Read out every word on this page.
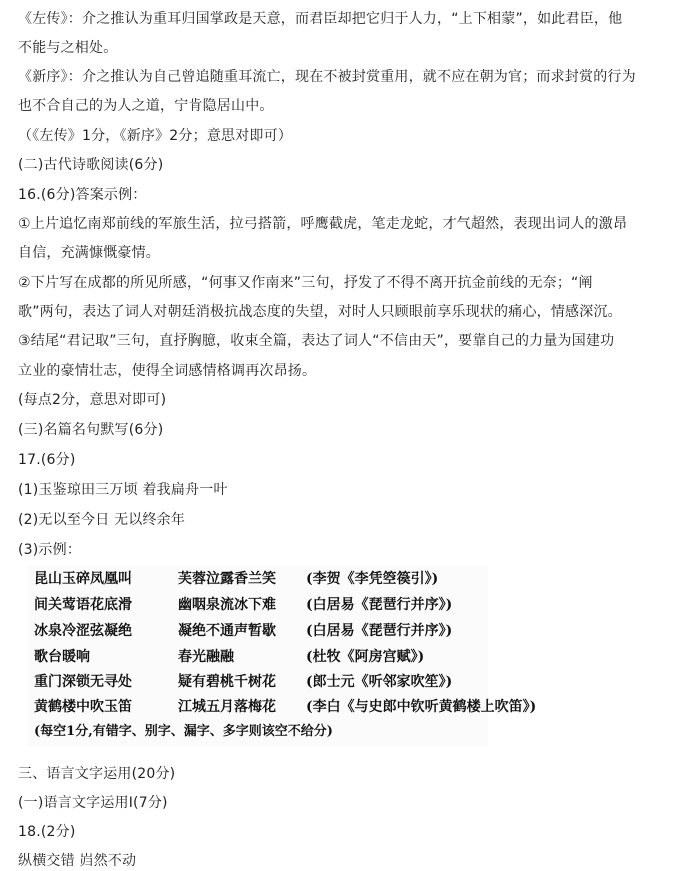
《左传》：介之推认为重耳归国掌政是天意，而君臣却把它归于人力，“上下相蒙”，如此君臣，他
不能与之相处。
《新序》：介之推认为自己曾追随重耳流亡，现在不被封赏重用，就不应在朝为官；而求封赏的行为
也不合自己的为人之道，宁肯隐居山中。
（《左传》1分，《新序》2分；意思对即可）
(二)古代诗歌阅读(6分)
16.(6分)答案示例：
①上片追忆南郑前线的军旅生活，拉弓搭箭，呼鹰截虎，笔走龙蛇，才气超然，表现出词人的激昂
自信，充满慷慨豪情。
②下片写在成都的所见所感，“何事又作南来”三句，抒发了不得不离开抗金前线的无奈；“阐
歌”两句，表达了词人对朝廷消极抗战态度的失望，对时人只顾眼前享乐现状的痛心，情感深沉。
③结尾“君记取”三句，直抒胸臆，收束全篇，表达了词人“不信由天”，要靠自己的力量为国建功
立业的豪情壮志，使得全词感情格调再次昂扬。
(每点2分，意思对即可)
(三)名篇名句默写(6分)
17.(6分)
(1)玉鉴琼田三万顷 着我扁舟一叶
(2)无以至今日 无以终余年
(3)示例：
昆山玉碎凤凰叫	芙蓉泣露香兰笑 (李贺《李凭箜篌引》)
间关莺语花底滑	幽咽泉流冰下难 (白居易《琵琶行并序》)
冰泉冷涩弦凝绝	凝绝不通声暂歇 (白居易《琵琶行并序》)
歌台暖响	春光融融	(杜牧《阿房宫赋》)
重门深锁无寻处	疑有碧桃千树花 (郎士元《听邻家吹笙》)
黄鹤楼中吹玉笛	江城五月落梅花 (李白《与史郎中钦听黄鹤楼上吹笛》)
(每空1分,有错字、别字、漏字、多字则该空不给分)
三、语言文字运用(20分)
(一)语言文字运用Ⅰ(7分)
18.(2分)
纵横交错 岿然不动
